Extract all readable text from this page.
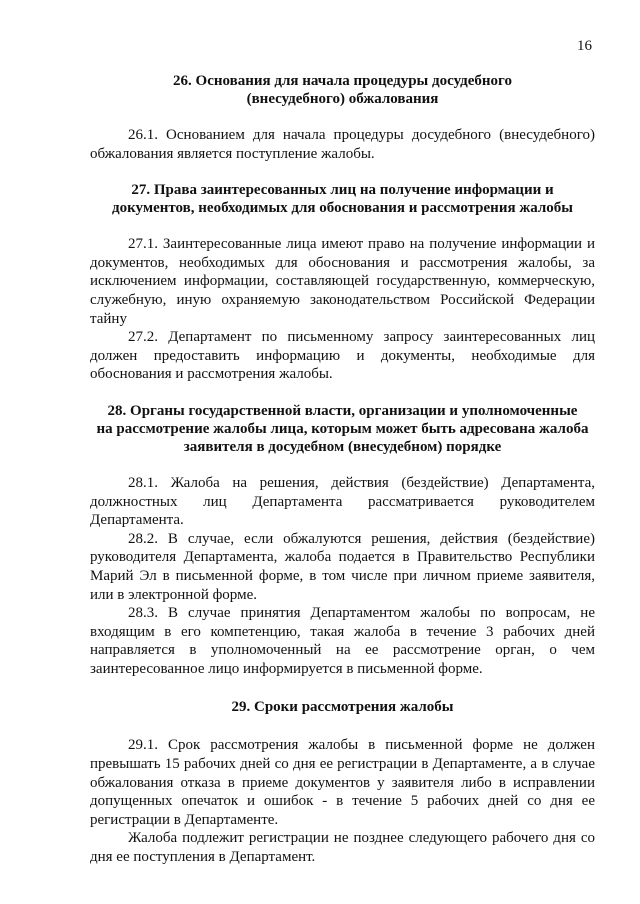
16
26. Основания для начала процедуры досудебного
(внесудебного) обжалования

26.1. Основанием для начала процедуры досудебного (внесудебного) обжалования является поступление жалобы.

27. Права заинтересованных лиц на получение информации и
документов, необходимых для обоснования и рассмотрения жалобы

27.1. Заинтересованные лица имеют право на получение информации и документов, необходимых для обоснования и рассмотрения жалобы, за исключением информации, составляющей государственную, коммерческую, служебную, иную охраняемую законодательством Российской Федерации тайну

27.2. Департамент по письменному запросу заинтересованных лиц должен предоставить информацию и документы, необходимые для обоснования и рассмотрения жалобы.

28. Органы государственной власти, организации и уполномоченные
на рассмотрение жалобы лица, которым может быть адресована жалоба
заявителя в досудебном (внесудебном) порядке

28.1. Жалоба на решения, действия (бездействие) Департамента, должностных лиц Департамента рассматривается руководителем Департамента.

28.2. В случае, если обжалуются решения, действия (бездействие) руководителя Департамента, жалоба подается в Правительство Республики Марий Эл в письменной форме, в том числе при личном приеме заявителя, или в электронной форме.

28.3. В случае принятия Департаментом жалобы по вопросам, не входящим в его компетенцию, такая жалоба в течение 3 рабочих дней направляется в уполномоченный на ее рассмотрение орган, о чем заинтересованное лицо информируется в письменной форме.

29. Сроки рассмотрения жалобы

29.1. Срок рассмотрения жалобы в письменной форме не должен превышать 15 рабочих дней со дня ее регистрации в Департаменте, а в случае обжалования отказа в приеме документов у заявителя либо в исправлении допущенных опечаток и ошибок - в течение 5 рабочих дней со дня ее регистрации в Департаменте.

Жалоба подлежит регистрации не позднее следующего рабочего дня со дня ее поступления в Департамент.
